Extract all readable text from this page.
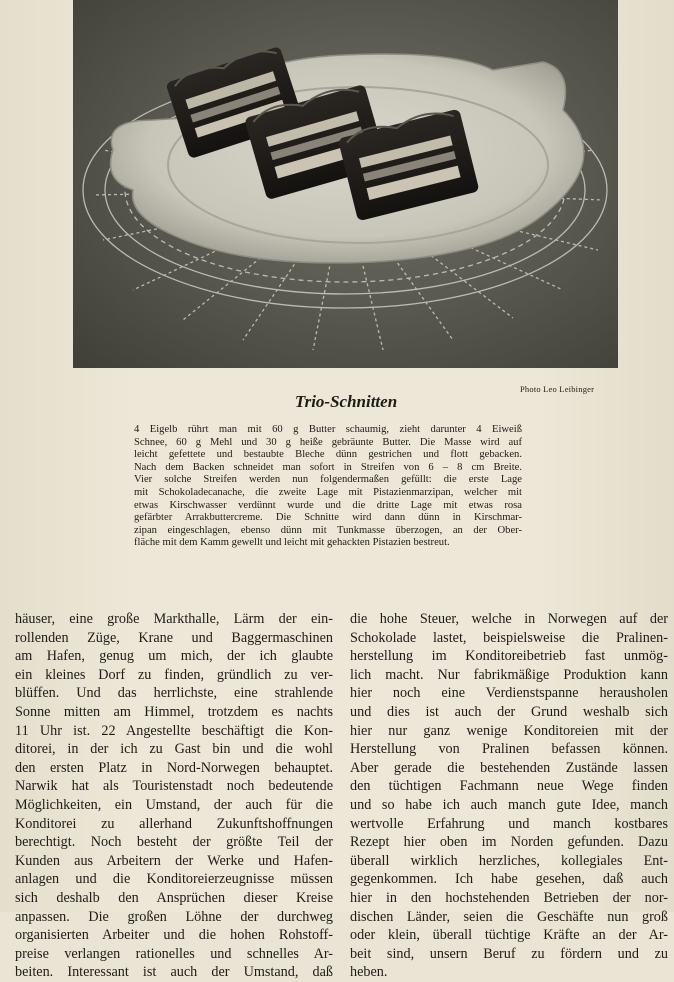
Photo Leo Leibinger
Trio-Schnitten
4 Eigelb rührt man mit 60 g Butter schaumig, zieht darunter 4 Eiweiß
Schnee, 60 g Mehl und 30 g heiße gebräunte Butter. Die Masse wird auf
leicht gefettete und bestaubte Bleche dünn gestrichen und flott gebacken.
Nach dem Backen schneidet man sofort in Streifen von 6 – 8 cm Breite.
Vier solche Streifen werden nun folgendermaßen gefüllt: die erste Lage
mit Schokoladecanache, die zweite Lage mit Pistazienmarzipan, welcher mit
etwas Kirschwasser verdünnt wurde und die dritte Lage mit etwas rosa
gefärbter Arrakbuttercreme. Die Schnitte wird dann dünn in Kirschmar-
zipan eingeschlagen, ebenso dünn mit Tunkmasse überzogen, an der Ober-
fläche mit dem Kamm gewellt und leicht mit gehackten Pistazien bestreut.
häuser, eine große Markthalle, Lärm der ein-
rollenden Züge, Krane und Baggermaschinen
am Hafen, genug um mich, der ich glaubte
ein kleines Dorf zu finden, gründlich zu ver-
blüffen. Und das herrlichste, eine strahlende
Sonne mitten am Himmel, trotzdem es nachts
11 Uhr ist. 22 Angestellte beschäftigt die Kon-
ditorei, in der ich zu Gast bin und die wohl
den ersten Platz in Nord-Norwegen behauptet.
Narwik hat als Touristenstadt noch bedeutende
Möglichkeiten, ein Umstand, der auch für die
Konditorei zu allerhand Zukunftshoffnungen
berechtigt. Noch besteht der größte Teil der
Kunden aus Arbeitern der Werke und Hafen-
anlagen und die Konditoreierzeugnisse müssen
sich deshalb den Ansprüchen dieser Kreise
anpassen. Die großen Löhne der durchweg
organisierten Arbeiter und die hohen Rohstoff-
preise verlangen rationelles und schnelles Ar-
beiten. Interessant ist auch der Umstand, daß
die hohe Steuer, welche in Norwegen auf der
Schokolade lastet, beispielsweise die Pralinen-
herstellung im Konditoreibetrieb fast unmög-
lich macht. Nur fabrikmäßige Produktion kann
hier noch eine Verdienstspanne herausholen
und dies ist auch der Grund weshalb sich
hier nur ganz wenige Konditoreien mit der
Herstellung von Pralinen befassen können.
Aber gerade die bestehenden Zustände lassen
den tüchtigen Fachmann neue Wege finden
und so habe ich auch manch gute Idee, manch
wertvolle Erfahrung und manch kostbares
Rezept hier oben im Norden gefunden. Dazu
überall wirklich herzliches, kollegiales Ent-
gegenkommen. Ich habe gesehen, daß auch
hier in den hochstehenden Betrieben der nor-
dischen Länder, seien die Geschäfte nun groß
oder klein, überall tüchtige Kräfte an der Ar-
beit sind, unsern Beruf zu fördern und zu
heben.
